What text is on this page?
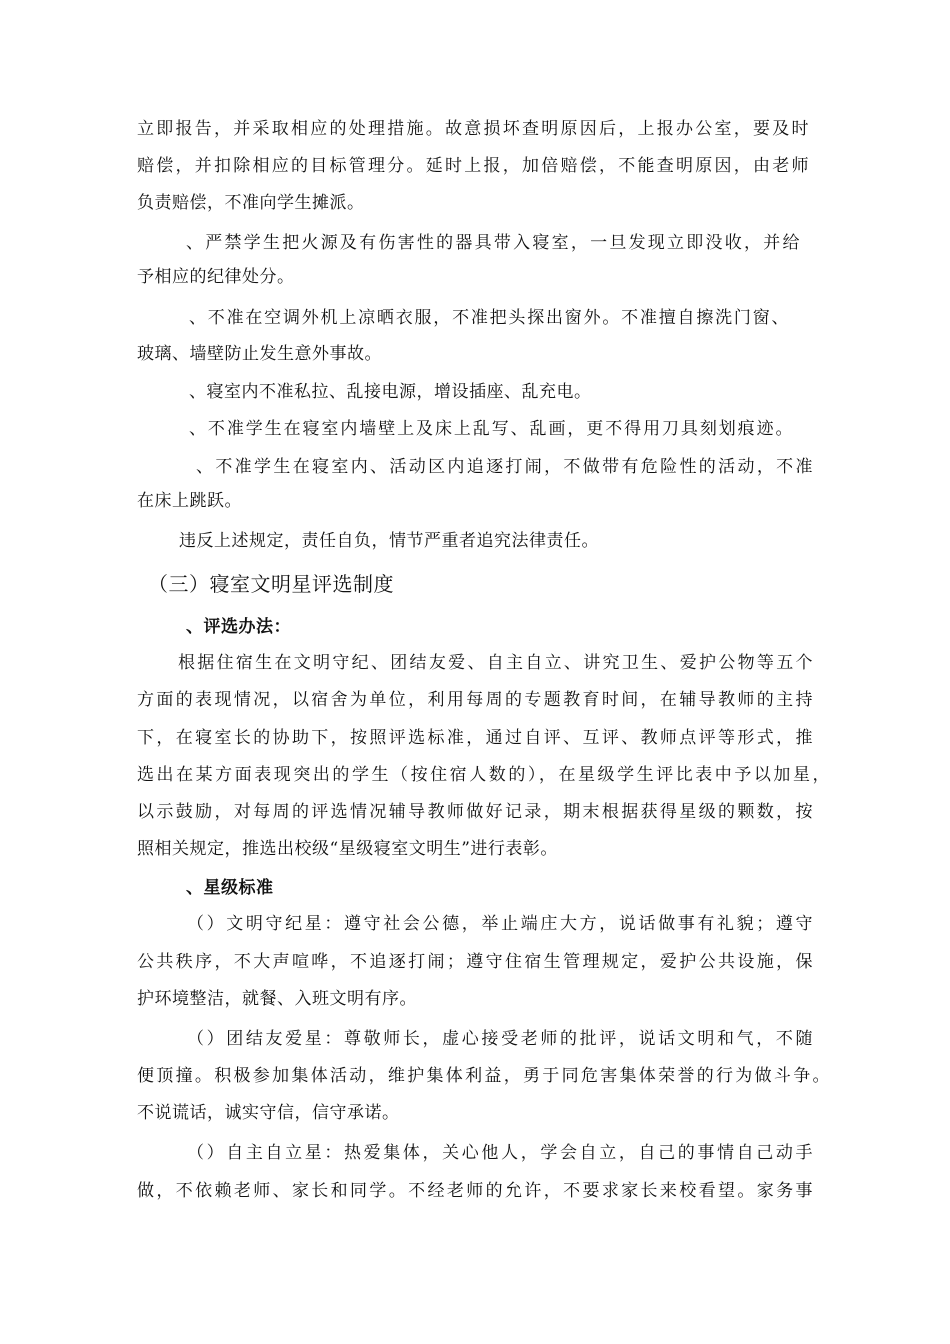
立即报告，并采取相应的处理措施。故意损坏查明原因后，上报办公室，要及时
赔偿，并扣除相应的目标管理分。延时上报，加倍赔偿，不能查明原因，由老师
负责赔偿，不准向学生摊派。
、严禁学生把火源及有伤害性的器具带入寝室，一旦发现立即没收，并给
予相应的纪律处分。
、不准在空调外机上凉晒衣服，不准把头探出窗外。不准擅自擦洗门窗、
玻璃、墙壁防止发生意外事故。
、寝室内不准私拉、乱接电源，增设插座、乱充电。
、不准学生在寝室内墙壁上及床上乱写、乱画，更不得用刀具刻划痕迹。
、不准学生在寝室内、活动区内追逐打闹，不做带有危险性的活动，不准
在床上跳跃。
违反上述规定，责任自负，情节严重者追究法律责任。
（三）寝室文明星评选制度
、评选办法：
根据住宿生在文明守纪、团结友爱、自主自立、讲究卫生、爱护公物等五个
方面的表现情况，以宿舍为单位，利用每周的专题教育时间，在辅导教师的主持
下，在寝室长的协助下，按照评选标准，通过自评、互评、教师点评等形式，推
选出在某方面表现突出的学生（按住宿人数的），在星级学生评比表中予以加星，
以示鼓励，对每周的评选情况辅导教师做好记录，期末根据获得星级的颗数，按
照相关规定，推选出校级“星级寝室文明生”进行表彰。
、星级标准
（）文明守纪星：遵守社会公德，举止端庄大方，说话做事有礼貌；遵守
公共秩序，不大声喧哗，不追逐打闹；遵守住宿生管理规定，爱护公共设施，保
护环境整洁，就餐、入班文明有序。
（）团结友爱星：尊敬师长，虚心接受老师的批评，说话文明和气，不随
便顶撞。积极参加集体活动，维护集体利益，勇于同危害集体荣誉的行为做斗争。
不说谎话，诚实守信，信守承诺。
（）自主自立星：热爱集体，关心他人，学会自立，自己的事情自己动手
做，不依赖老师、家长和同学。不经老师的允许，不要求家长来校看望。家务事
